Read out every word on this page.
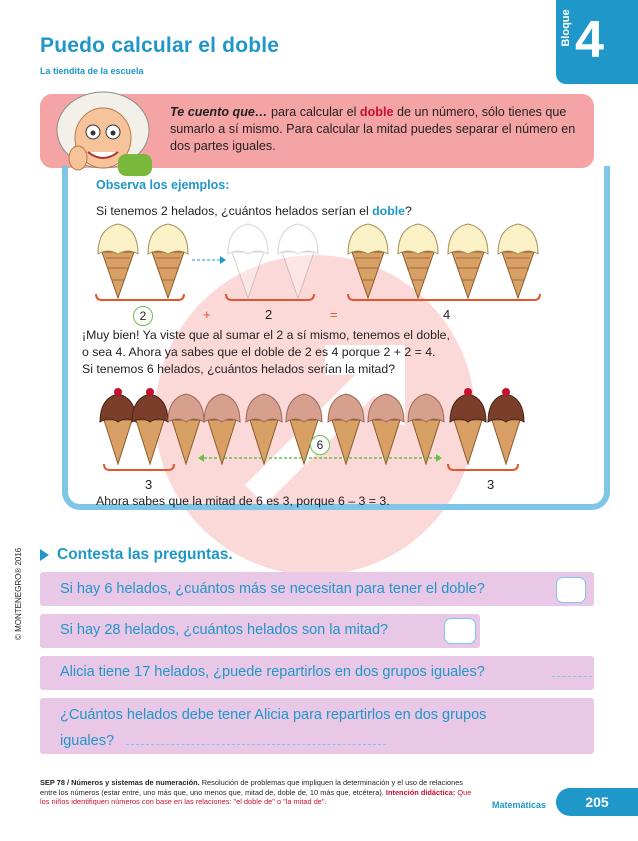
Puedo calcular el doble
La tiendita de la escuela
Bloque 4
Te cuento que… para calcular el doble de un número, sólo tienes que sumarlo a sí mismo. Para calcular la mitad puedes separar el número en dos partes iguales.
Observa los ejemplos:
Si tenemos 2 helados, ¿cuántos helados serían el doble?
2	+	2	=	4
¡Muy bien! Ya viste que al sumar el 2 a sí mismo, tenemos el doble,
o sea 4. Ahora ya sabes que el doble de 2 es 4 porque 2 + 2 = 4.
Si tenemos 6 helados, ¿cuántos helados serían la mitad?
6
3	3
Ahora sabes que la mitad de 6 es 3, porque 6 – 3 = 3.
Contesta las preguntas.
Si hay 6 helados, ¿cuántos más se necesitan para tener el doble?
Si hay 28 helados, ¿cuántos helados son la mitad?
Alicia tiene 17 helados, ¿puede repartirlos en dos grupos iguales?
¿Cuántos helados debe tener Alicia para repartirlos en dos grupos
iguales?
© MONTENEGRO® 2016
SEP 78 / Números y sistemas de numeración. Resolución de problemas que impliquen la determinación y el uso de relaciones entre los números (estar entre, uno más que, uno menos que, mitad de, doble de, 10 más que, etcétera). Intención didáctica: Que los niños identifiquen números con base en las relaciones: "el doble de" o "la mitad de".	Matemáticas	205
